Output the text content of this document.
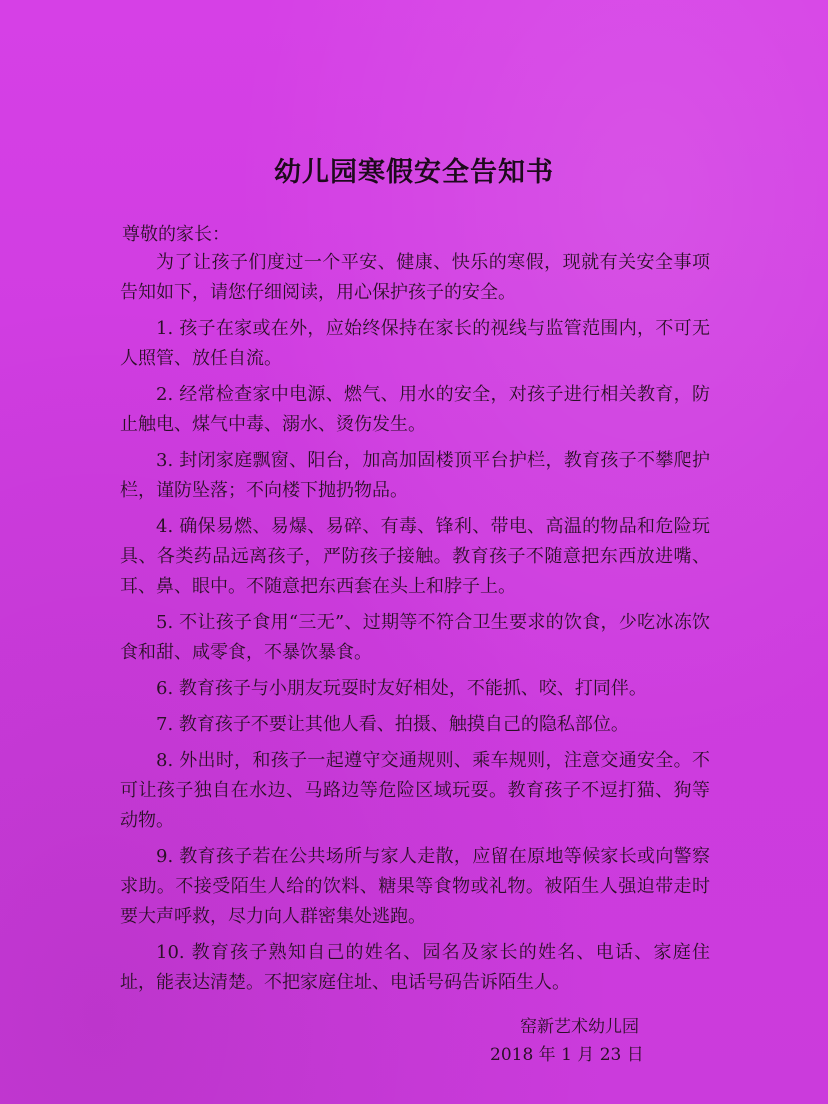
幼儿园寒假安全告知书
尊敬的家长：

为了让孩子们度过一个平安、健康、快乐的寒假，现就有关安全事项告知如下，请您仔细阅读，用心保护孩子的安全。

1. 孩子在家或在外，应始终保持在家长的视线与监管范围内，不可无人照管、放任自流。

2. 经常检查家中电源、燃气、用水的安全，对孩子进行相关教育，防止触电、煤气中毒、溺水、烫伤发生。

3. 封闭家庭飘窗、阳台，加高加固楼顶平台护栏，教育孩子不攀爬护栏，谨防坠落；不向楼下抛扔物品。

4. 确保易燃、易爆、易碎、有毒、锋利、带电、高温的物品和危险玩具、各类药品远离孩子，严防孩子接触。教育孩子不随意把东西放进嘴、耳、鼻、眼中。不随意把东西套在头上和脖子上。

5. 不让孩子食用“三无”、过期等不符合卫生要求的饮食，少吃冰冻饮食和甜、咸零食，不暴饮暴食。

6. 教育孩子与小朋友玩耍时友好相处，不能抓、咬、打同伴。

7. 教育孩子不要让其他人看、拍摄、触摸自己的隐私部位。

8. 外出时，和孩子一起遵守交通规则、乘车规则，注意交通安全。不可让孩子独自在水边、马路边等危险区域玩耍。教育孩子不逗打猫、狗等动物。

9. 教育孩子若在公共场所与家人走散，应留在原地等候家长或向警察求助。不接受陌生人给的饮料、糖果等食物或礼物。被陌生人强迫带走时要大声呼救，尽力向人群密集处逃跑。

10. 教育孩子熟知自己的姓名、园名及家长的姓名、电话、家庭住址，能表达清楚。不把家庭住址、电话号码告诉陌生人。

窑新艺术幼儿园
2018 年 1 月 23 日
